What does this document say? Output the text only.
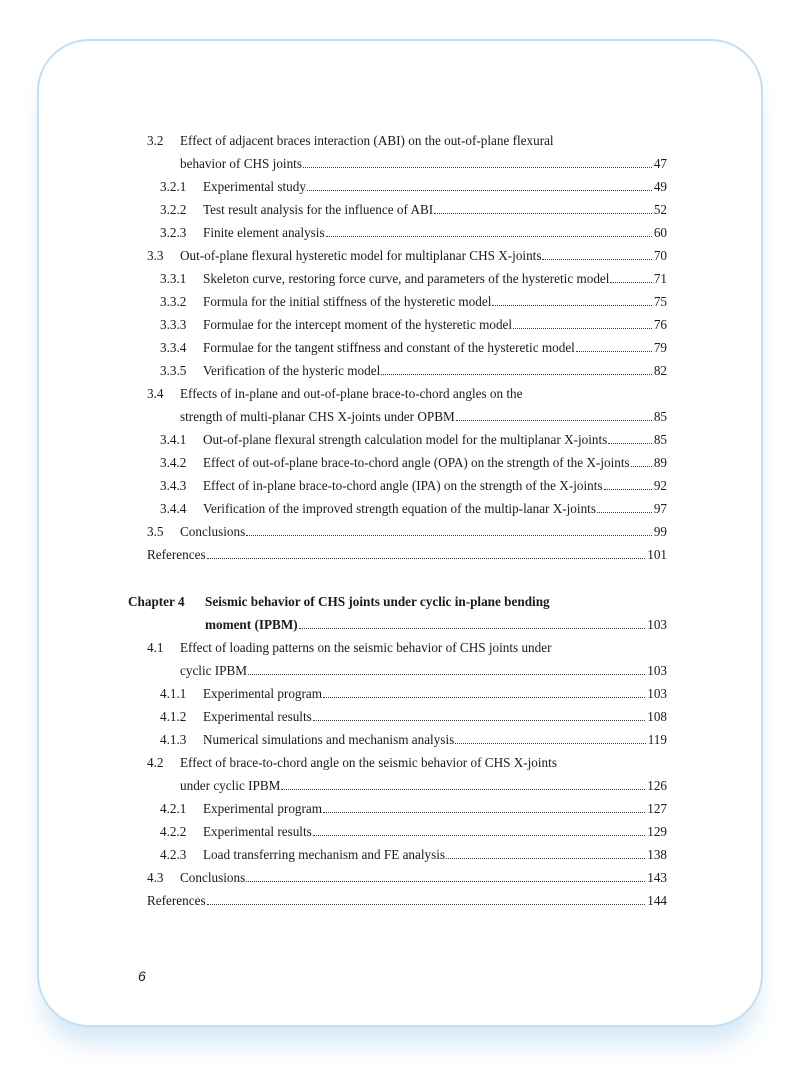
3.2 Effect of adjacent braces interaction (ABI) on the out-of-plane flexural
behavior of CHS joints	47
3.2.1	Experimental study	49
3.2.2	Test result analysis for the influence of ABI	52
3.2.3	Finite element analysis	60
3.3	Out-of-plane flexural hysteretic model for multiplanar CHS X-joints	70
3.3.1	Skeleton curve, restoring force curve, and parameters of the hysteretic model	71
3.3.2	Formula for the initial stiffness of the hysteretic model	75
3.3.3	Formulae for the intercept moment of the hysteretic model	76
3.3.4	Formulae for the tangent stiffness and constant of the hysteretic model	79
3.3.5	Verification of the hysteric model	82
3.4 Effects of in-plane and out-of-plane brace-to-chord angles on the
strength of multi-planar CHS X-joints under OPBM	85
3.4.1	Out-of-plane flexural strength calculation model for the multiplanar X-joints	85
3.4.2	Effect of out-of-plane brace-to-chord angle (OPA) on the strength of the X-joints 89
3.4.3	Effect of in-plane brace-to-chord angle (IPA) on the strength of the X-joints	92
3.4.4	Verification of the improved strength equation of the multip-lanar X-joints	97
3.5	Conclusions	99
References	101
Chapter 4 Seismic behavior of CHS joints under cyclic in-plane bending
moment (IPBM)	103
4.1 Effect of loading patterns on the seismic behavior of CHS joints under
cyclic IPBM	103
4.1.1	Experimental program	103
4.1.2	Experimental results	108
4.1.3	Numerical simulations and mechanism analysis	119
4.2 Effect of brace-to-chord angle on the seismic behavior of CHS X-joints
under cyclic IPBM	126
4.2.1	Experimental program	127
4.2.2	Experimental results	129
4.2.3	Load transferring mechanism and FE analysis	138
4.3	Conclusions	143
References	144
6
